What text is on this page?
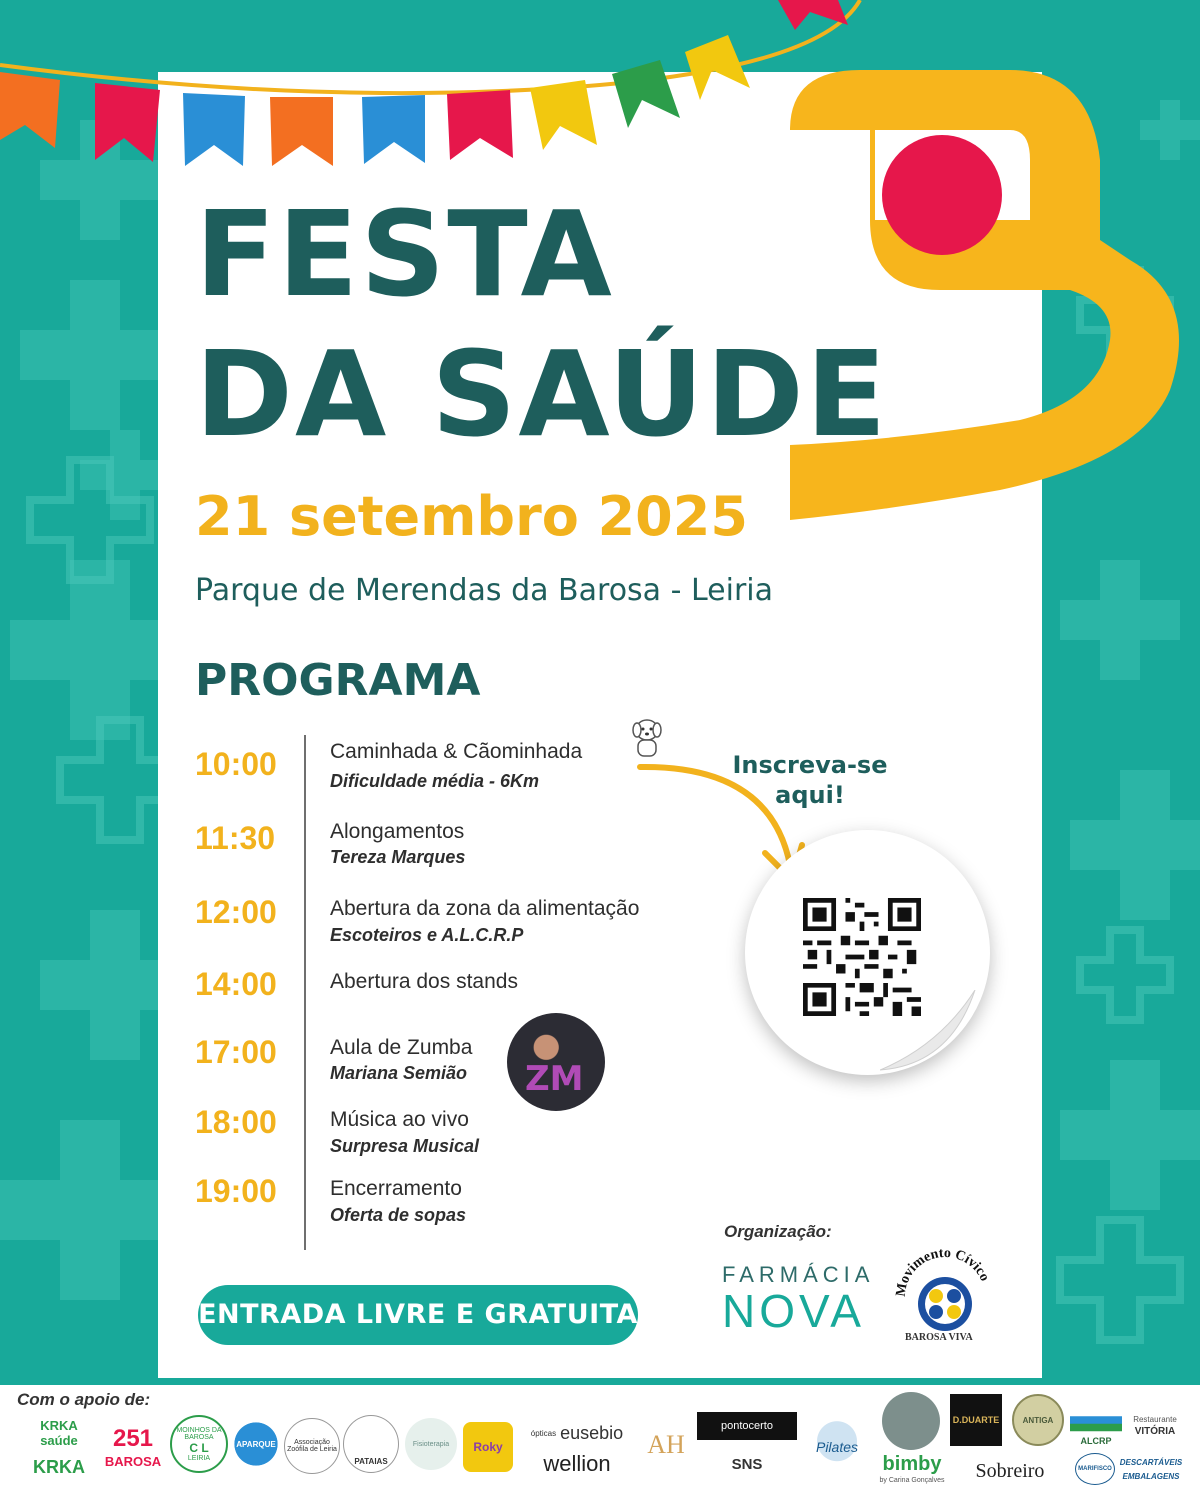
FESTA
DA SAÚDE
21 setembro 2025
Parque de Merendas da Barosa - Leiria
PROGRAMA
10:00	Caminhada & Cãominhada
Dificuldade média - 6Km
11:30	Alongamentos
Tereza Marques
12:00	Abertura da zona da alimentação
Escoteiros e A.L.C.R.P
14:00	Abertura dos stands
17:00	Aula de Zumba
Mariana Semião
18:00	Música ao vivo
Surpresa Musical
19:00	Encerramento
Oferta de sopas
ZM
Inscreva-se aqui!
ENTRADA LIVRE E GRATUITA
Organização:
FARMÁCIA
NOVA	Movimento Cívico
BAROSA VIVA
Com o apoio de:
KRKA saúde
KRKA
251
BAROSA
MOINHOS DA BAROSA
C L
LEIRIA
APARQUE	Associação Zoófila de Leiria
PATAIAS
Fisioterapia	Roky
ópticas eusebio
wellion
AH
pontocerto
SNS
Pilates
bimby
by Carina Gonçalves
D.DUARTE
Sobreiro
ANTIGA
ALCRP
Restaurante
VITÓRIA
MARIFISCO
DESCARTÁVEIS
EMBALAGENS
